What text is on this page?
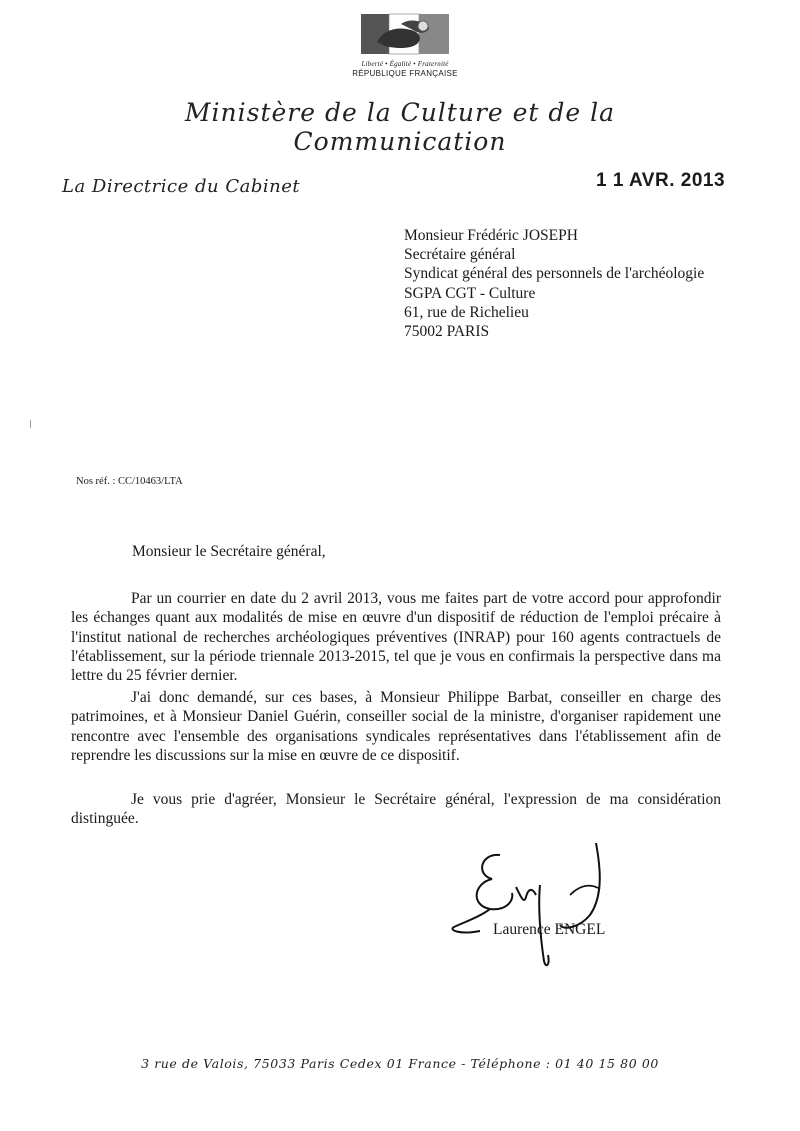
Liberté • Égalité • Fraternité
RÉPUBLIQUE FRANÇAISE
Ministère de la Culture et de la Communication
La Directrice du Cabinet	1 1 AVR. 2013
Monsieur Frédéric JOSEPH
Secrétaire général
Syndicat général des personnels de l'archéologie
SGPA CGT - Culture
61, rue de Richelieu
75002 PARIS
Nos réf. : CC/10463/LTA
Monsieur le Secrétaire général,
Par un courrier en date du 2 avril 2013, vous me faites part de votre accord pour approfondir les échanges quant aux modalités de mise en œuvre d'un dispositif de réduction de l'emploi précaire à l'institut national de recherches archéologiques préventives (INRAP) pour 160 agents contractuels de l'établissement, sur la période triennale 2013-2015, tel que je vous en confirmais la perspective dans ma lettre du 25 février dernier.
J'ai donc demandé, sur ces bases, à Monsieur Philippe Barbat, conseiller en charge des patrimoines, et à Monsieur Daniel Guérin, conseiller social de la ministre, d'organiser rapidement une rencontre avec l'ensemble des organisations syndicales représentatives dans l'établissement afin de reprendre les discussions sur la mise en œuvre de ce dispositif.
Je vous prie d'agréer, Monsieur le Secrétaire général, l'expression de ma considération distinguée.
Laurence ENGEL
3 rue de Valois, 75033 Paris Cedex 01 France - Téléphone : 01 40 15 80 00
